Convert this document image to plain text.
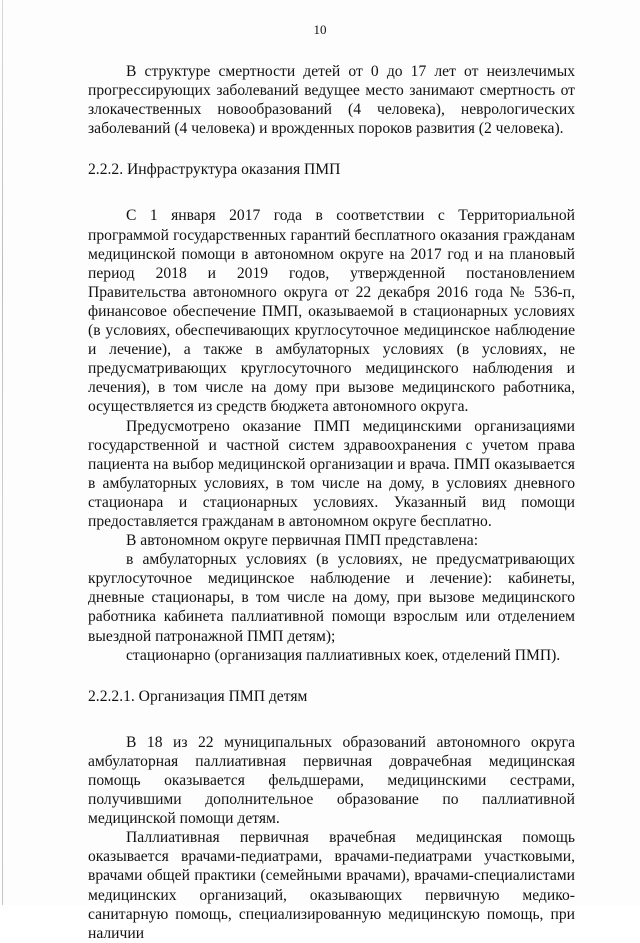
10

В структуре смертности детей от 0 до 17 лет от неизлечимых прогрессирующих заболеваний ведущее место занимают смертность от злокачественных новообразований (4 человека), неврологических заболеваний (4 человека) и врожденных пороков развития (2 человека).

2.2.2. Инфраструктура оказания ПМП

С 1 января 2017 года в соответствии с Территориальной программой государственных гарантий бесплатного оказания гражданам медицинской помощи в автономном округе на 2017 год и на плановый период 2018 и 2019 годов, утвержденной постановлением Правительства автономного округа от 22 декабря 2016 года № 536-п, финансовое обеспечение ПМП, оказываемой в стационарных условиях (в условиях, обеспечивающих круглосуточное медицинское наблюдение и лечение), а также в амбулаторных условиях (в условиях, не предусматривающих круглосуточного медицинского наблюдения и лечения), в том числе на дому при вызове медицинского работника, осуществляется из средств бюджета автономного округа.

Предусмотрено оказание ПМП медицинскими организациями государственной и частной систем здравоохранения с учетом права пациента на выбор медицинской организации и врача. ПМП оказывается в амбулаторных условиях, в том числе на дому, в условиях дневного стационара и стационарных условиях. Указанный вид помощи предоставляется гражданам в автономном округе бесплатно.

В автономном округе первичная ПМП представлена:

в амбулаторных условиях (в условиях, не предусматривающих круглосуточное медицинское наблюдение и лечение): кабинеты, дневные стационары, в том числе на дому, при вызове медицинского работника кабинета паллиативной помощи взрослым или отделением выездной патронажной ПМП детям);

стационарно (организация паллиативных коек, отделений ПМП).

2.2.2.1. Организация ПМП детям

В 18 из 22 муниципальных образований автономного округа амбулаторная паллиативная первичная доврачебная медицинская помощь оказывается фельдшерами, медицинскими сестрами, получившими дополнительное образование по паллиативной медицинской помощи детям.

Паллиативная первичная врачебная медицинская помощь оказывается врачами-педиатрами, врачами-педиатрами участковыми, врачами общей практики (семейными врачами), врачами-специалистами медицинских организаций, оказывающих первичную медико-санитарную помощь, специализированную медицинскую помощь, при наличии
